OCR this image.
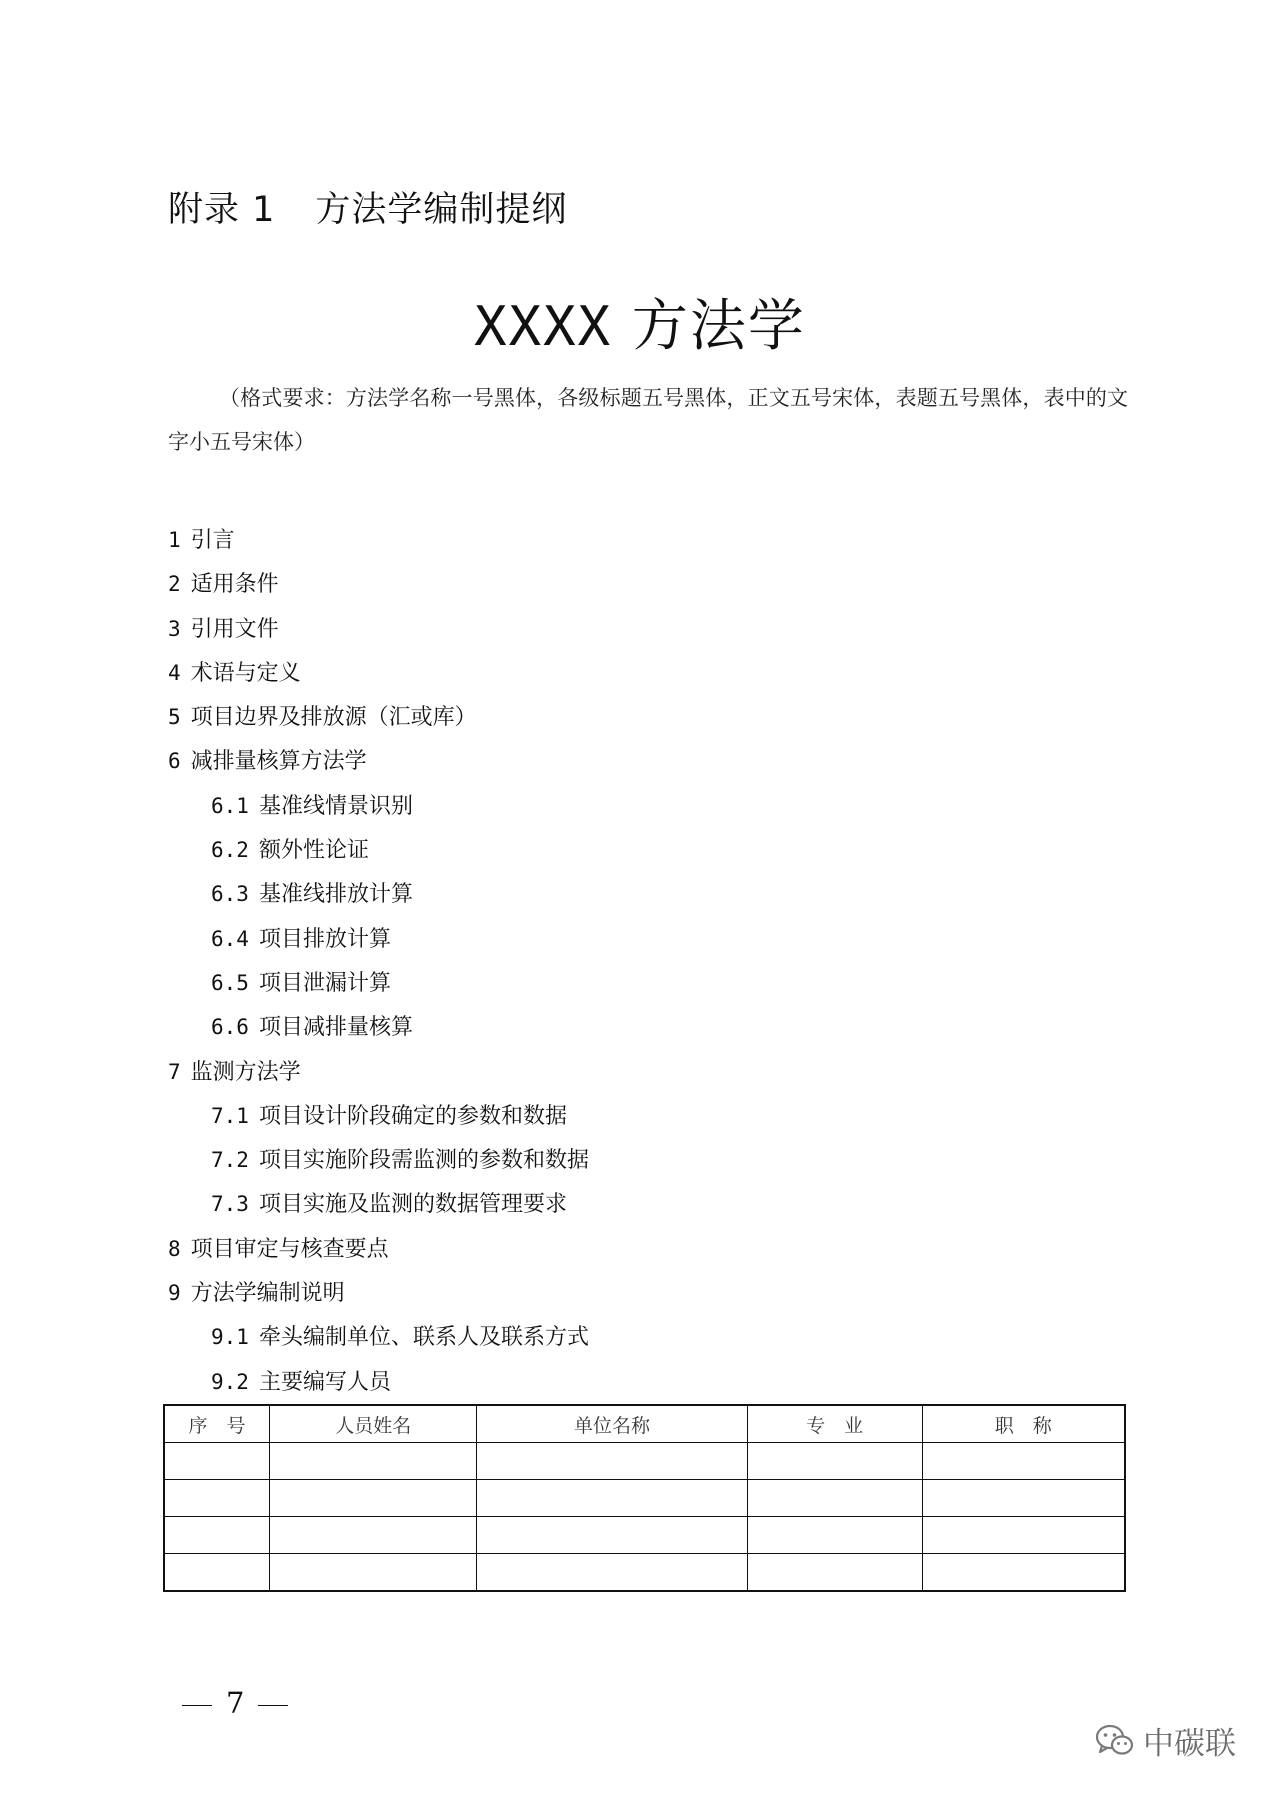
附录 1 方法学编制提纲
XXXX 方法学
（格式要求：方法学名称一号黑体，各级标题五号黑体，正文五号宋体，表题五号黑体，表中的文字小五号宋体）
1 引言
2 适用条件
3 引用文件
4 术语与定义
5 项目边界及排放源（汇或库）
6 减排量核算方法学
6.1 基准线情景识别
6.2 额外性论证
6.3 基准线排放计算
6.4 项目排放计算
6.5 项目泄漏计算
6.6 项目减排量核算
7 监测方法学
7.1 项目设计阶段确定的参数和数据
7.2 项目实施阶段需监测的参数和数据
7.3 项目实施及监测的数据管理要求
8 项目审定与核查要点
9 方法学编制说明
9.1 牵头编制单位、联系人及联系方式
9.2 主要编写人员
序　号	人员姓名	单位名称	专　业	职　称

7
中碳联
